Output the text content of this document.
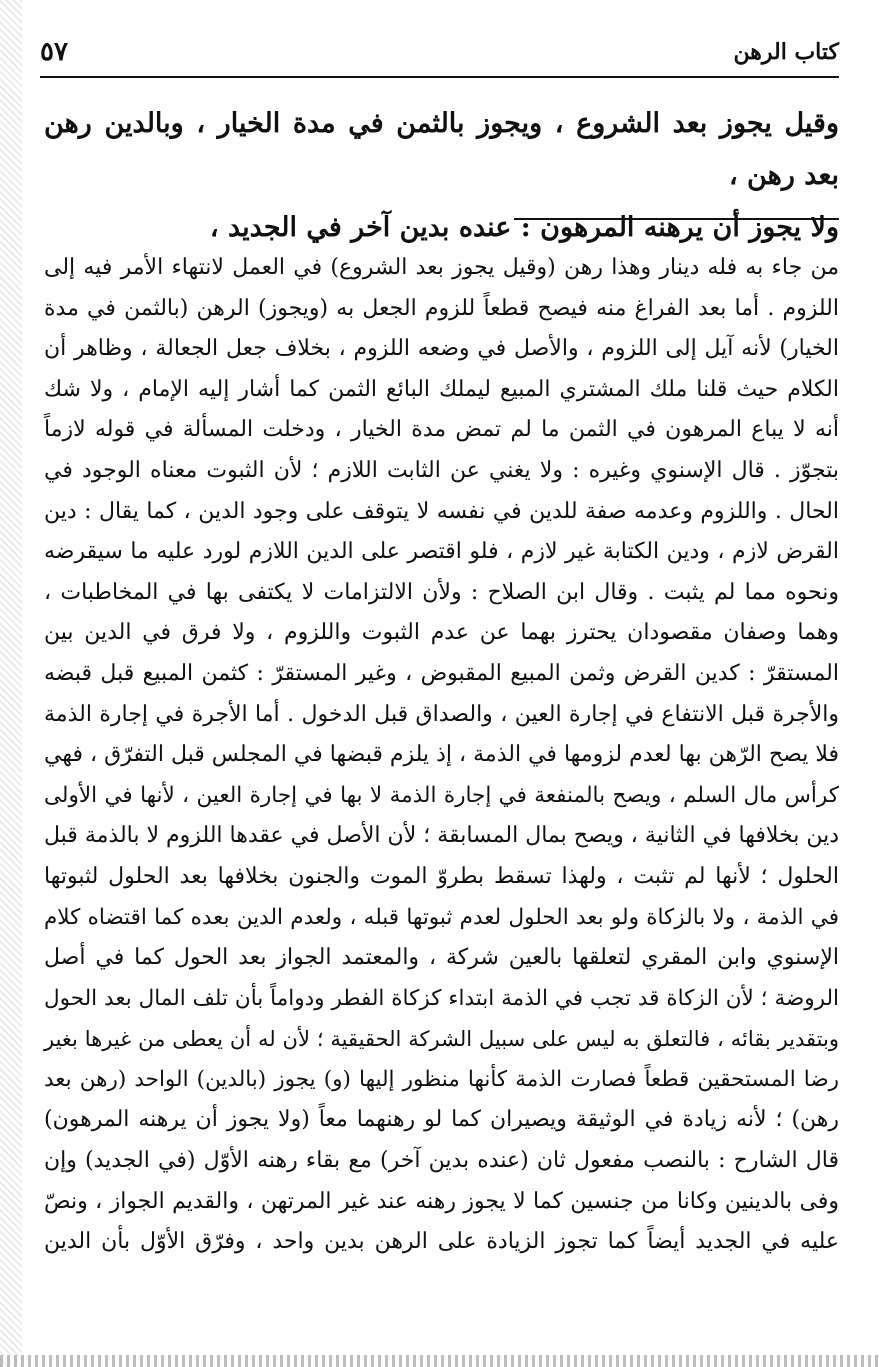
كتاب الرهن
٥٧

وقيل يجوز بعد الشروع ، ويجوز بالثمن في مدة الخيار ، وبالدين رهن بعد رهن ،

ولا يجوز أن يرهنه المرهون : عنده بدين آخر في الجديد ،

من جاء به فله دينار وهذا رهن (وقيل يجوز بعد الشروع) في العمل لانتهاء الأمر فيه إلى

اللزوم . أما بعد الفراغ منه فيصح قطعاً للزوم الجعل به (ويجوز) الرهن (بالثمن في مدة

الخيار) لأنه آيل إلى اللزوم ، والأصل في وضعه اللزوم ، بخلاف جعل الجعالة ، وظاهر أن

الكلام حيث قلنا ملك المشتري المبيع ليملك البائع الثمن كما أشار إليه الإمام ، ولا شك

أنه لا يباع المرهون في الثمن ما لم تمض مدة الخيار ، ودخلت المسألة في قوله لازماً

بتجوّز . قال الإسنوي وغيره : ولا يغني عن الثابت اللازم ؛ لأن الثبوت معناه الوجود في

الحال . واللزوم وعدمه صفة للدين في نفسه لا يتوقف على وجود الدين ، كما يقال : دين

القرض لازم ، ودين الكتابة غير لازم ، فلو اقتصر على الدين اللازم لورد عليه ما سيقرضه

ونحوه مما لم يثبت . وقال ابن الصلاح : ولأن الالتزامات لا يكتفى بها في المخاطبات ،

وهما وصفان مقصودان يحترز بهما عن عدم الثبوت واللزوم ، ولا فرق في الدين بين

المستقرّ : كدين القرض وثمن المبيع المقبوض ، وغير المستقرّ : كثمن المبيع قبل قبضه

والأجرة قبل الانتفاع في إجارة العين ، والصداق قبل الدخول . أما الأجرة في إجارة الذمة

فلا يصح الرّهن بها لعدم لزومها في الذمة ، إذ يلزم قبضها في المجلس قبل التفرّق ، فهي

كرأس مال السلم ، ويصح بالمنفعة في إجارة الذمة لا بها في إجارة العين ، لأنها في الأولى

دين بخلافها في الثانية ، ويصح بمال المسابقة ؛ لأن الأصل في عقدها اللزوم لا بالذمة قبل

الحلول ؛ لأنها لم تثبت ، ولهذا تسقط بطروّ الموت والجنون بخلافها بعد الحلول لثبوتها

في الذمة ، ولا بالزكاة ولو بعد الحلول لعدم ثبوتها قبله ، ولعدم الدين بعده كما اقتضاه كلام

الإسنوي وابن المقري لتعلقها بالعين شركة ، والمعتمد الجواز بعد الحول كما في أصل

الروضة ؛ لأن الزكاة قد تجب في الذمة ابتداء كزكاة الفطر ودواماً بأن تلف المال بعد الحول

وبتقدير بقائه ، فالتعلق به ليس على سبيل الشركة الحقيقية ؛ لأن له أن يعطى من غيرها بغير

رضا المستحقين قطعاً فصارت الذمة كأنها منظور إليها (و) يجوز (بالدين) الواحد (رهن بعد

رهن) ؛ لأنه زيادة في الوثيقة ويصيران كما لو رهنهما معاً (ولا يجوز أن يرهنه المرهون)

قال الشارح : بالنصب مفعول ثان (عنده بدين آخر) مع بقاء رهنه الأوّل (في الجديد) وإن

وفى بالدينين وكانا من جنسين كما لا يجوز رهنه عند غير المرتهن ، والقديم الجواز ، ونصّ

عليه في الجديد أيضاً كما تجوز الزيادة على الرهن بدين واحد ، وفرّق الأوّل بأن الدين
